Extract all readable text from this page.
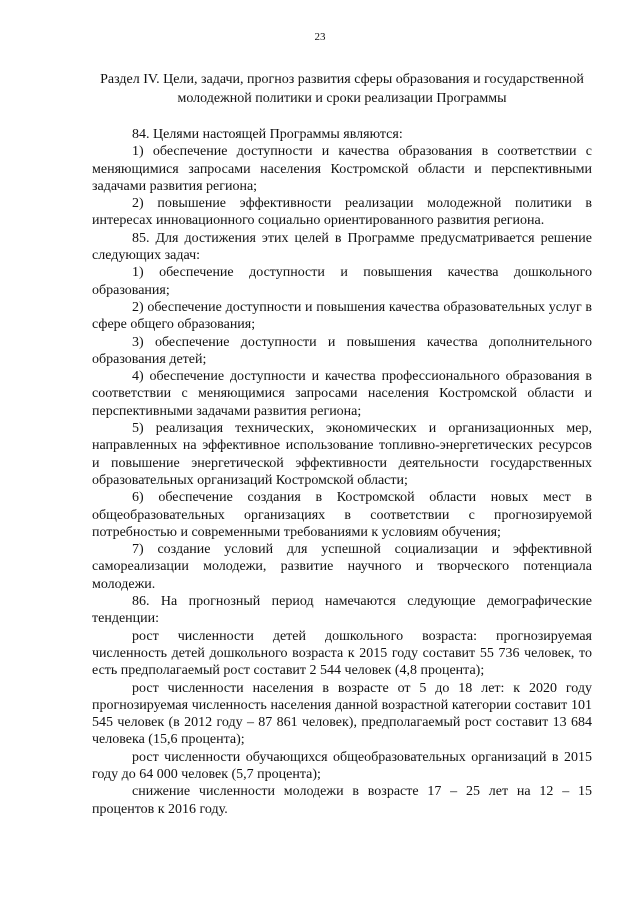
23
Раздел IV. Цели, задачи, прогноз развития сферы образования и государственной молодежной политики и сроки реализации Программы

84. Целями настоящей Программы являются:

1) обеспечение доступности и качества образования в соответствии с меняющимися запросами населения Костромской области и перспективными задачами развития региона;

2) повышение эффективности реализации молодежной политики в интересах инновационного социально ориентированного развития региона.

85. Для достижения этих целей в Программе предусматривается решение следующих задач:

1) обеспечение доступности и повышения качества дошкольного образования;

2) обеспечение доступности и повышения качества образовательных услуг в сфере общего образования;

3) обеспечение доступности и повышения качества дополнительного образования детей;

4) обеспечение доступности и качества профессионального образования в соответствии с меняющимися запросами населения Костромской области и перспективными задачами развития региона;

5) реализация технических, экономических и организационных мер, направленных на эффективное использование топливно-энергетических ресурсов и повышение энергетической эффективности деятельности государственных образовательных организаций Костромской области;

6) обеспечение создания в Костромской области новых мест в общеобразовательных организациях в соответствии с прогнозируемой потребностью и современными требованиями к условиям обучения;

7) создание условий для успешной социализации и эффективной самореализации молодежи, развитие научного и творческого потенциала молодежи.

86. На прогнозный период намечаются следующие демографические тенденции:

рост численности детей дошкольного возраста: прогнозируемая численность детей дошкольного возраста к 2015 году составит 55 736 человек, то есть предполагаемый рост составит 2 544 человек (4,8 процента);

рост численности населения в возрасте от 5 до 18 лет: к 2020 году прогнозируемая численность населения данной возрастной категории составит 101 545 человек (в 2012 году – 87 861 человек), предполагаемый рост составит 13 684 человека (15,6 процента);

рост численности обучающихся общеобразовательных организаций в 2015 году до 64 000 человек (5,7 процента);

снижение численности молодежи в возрасте 17 – 25 лет на 12 – 15 процентов к 2016 году.
